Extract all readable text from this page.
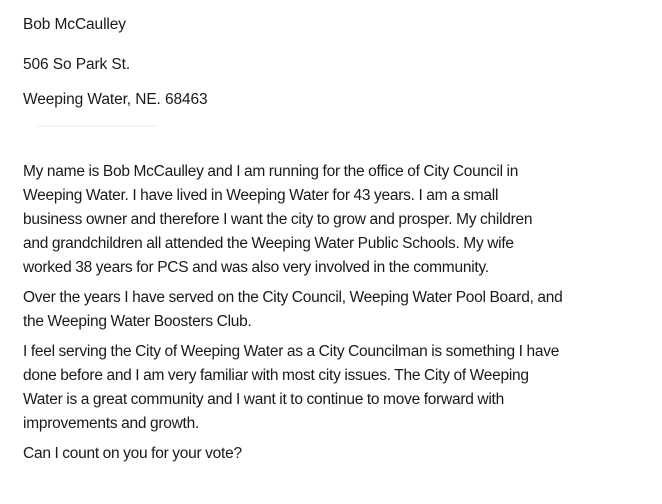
Bob McCaulley
506 So Park St.
Weeping Water, NE. 68463
My name is Bob McCaulley and I am running for the office of City Council in
Weeping Water. I have lived in Weeping Water for 43 years. I am a small
business owner and therefore I want the city to grow and prosper. My children
and grandchildren all attended the Weeping Water Public Schools. My wife
worked 38 years for PCS and was also very involved in the community.
Over the years I have served on the City Council, Weeping Water Pool Board, and
the Weeping Water Boosters Club.
I feel serving the City of Weeping Water as a City Councilman is something I have
done before and I am very familiar with most city issues. The City of Weeping
Water is a great community and I want it to continue to move forward with
improvements and growth.
Can I count on you for your vote?
